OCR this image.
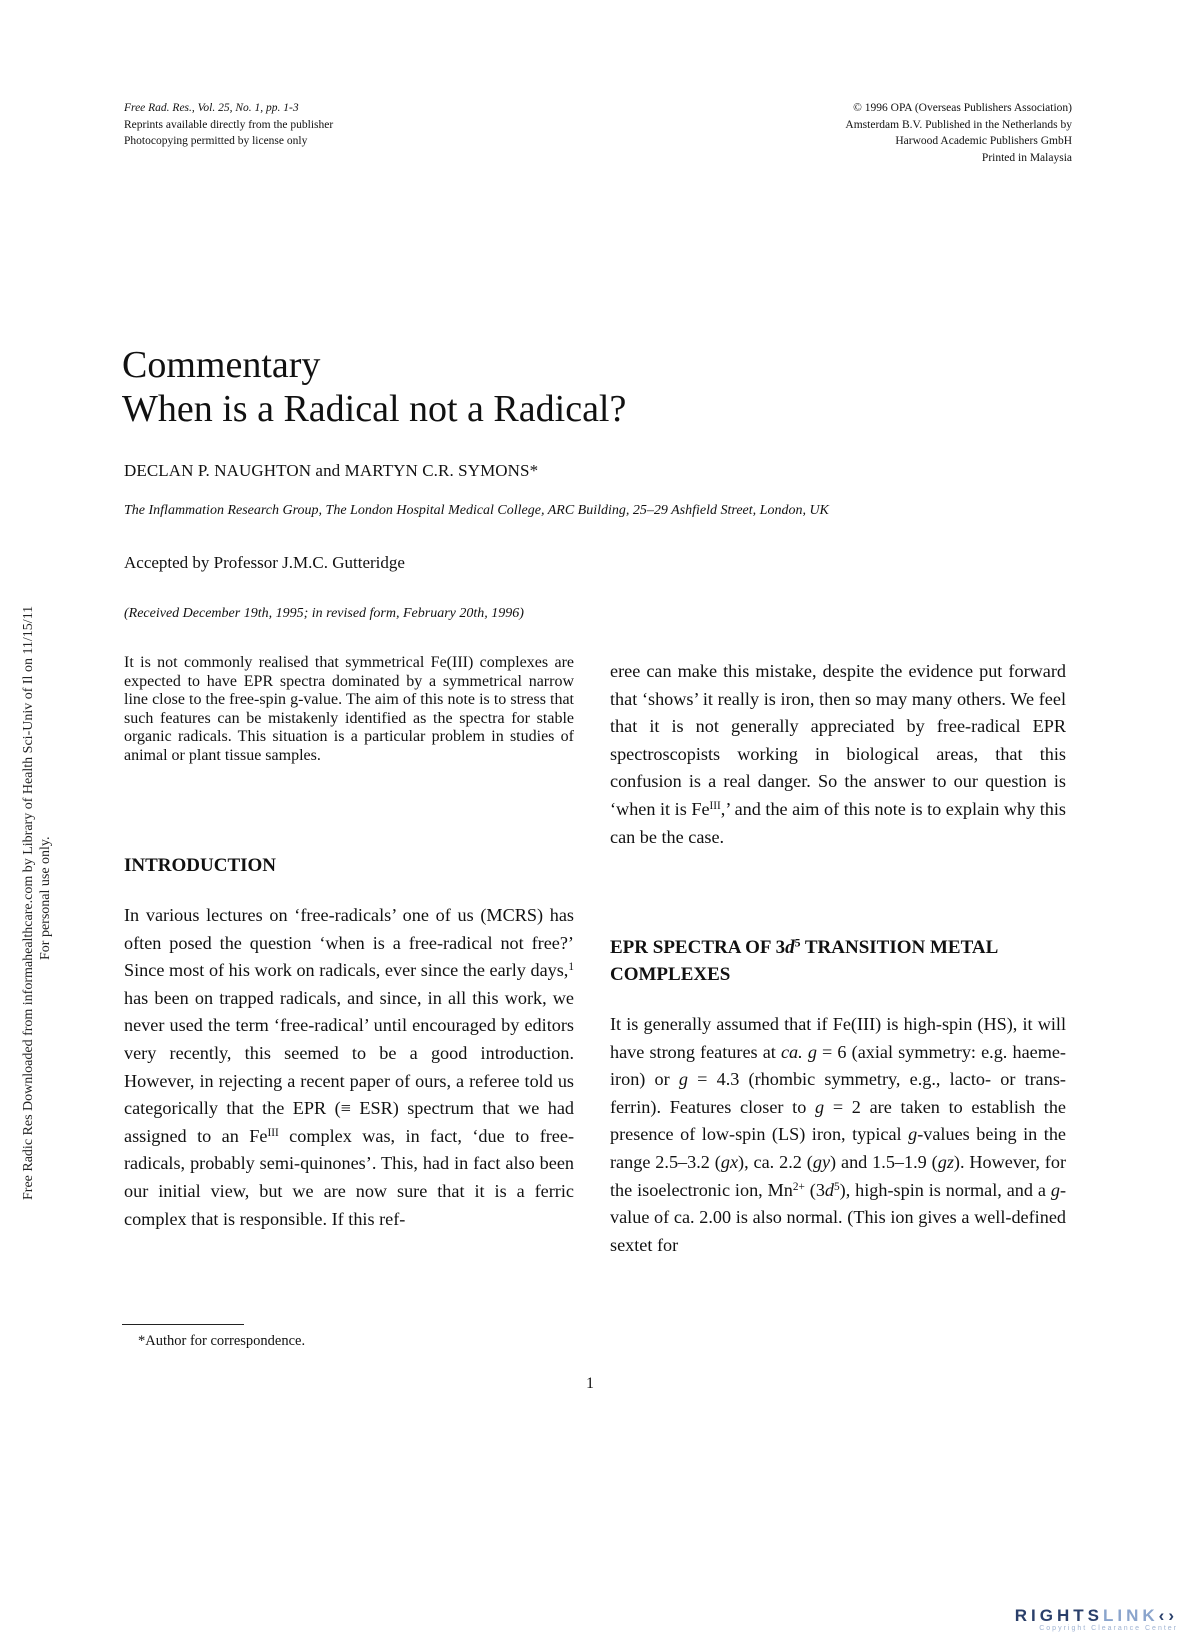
Free Rad. Res., Vol. 25, No. 1, pp. 1-3
Reprints available directly from the publisher
Photocopying permitted by license only
© 1996 OPA (Overseas Publishers Association)
Amsterdam B.V. Published in the Netherlands by
Harwood Academic Publishers GmbH
Printed in Malaysia
Commentary
When is a Radical not a Radical?
DECLAN P. NAUGHTON and MARTYN C.R. SYMONS*
The Inflammation Research Group, The London Hospital Medical College, ARC Building, 25–29 Ashfield Street, London, UK
Accepted by Professor J.M.C. Gutteridge
(Received December 19th, 1995; in revised form, February 20th, 1996)

It is not commonly realised that symmetrical Fe(III) complexes are expected to have EPR spectra dominated by a symmetrical narrow line close to the free-spin g-value. The aim of this note is to stress that such features can be mistakenly identified as the spectra for stable organic radicals. This situation is a particular problem in studies of animal or plant tissue samples.

INTRODUCTION

In various lectures on ‘free-radicals’ one of us (MCRS) has often posed the question ‘when is a free-radical not free?’ Since most of his work on radicals, ever since the early days,$^1$ has been on trapped radicals, and since, in all this work, we never used the term ‘free-radical’ until encouraged by editors very recently, this seemed to be a good introduction. However, in rejecting a recent paper of ours, a referee told us categorically that the EPR (≡ ESR) spectrum that we had assigned to an $Fe^{III}$ complex was, in fact, ‘due to free-radicals, probably semi-quinones’. This, had in fact also been our initial view, but we are now sure that it is a ferric complex that is responsible. If this ref-

eree can make this mistake, despite the evidence put forward that ‘shows’ it really is iron, then so may many others. We feel that it is not generally appreciated by free-radical EPR spectroscopists working in biological areas, that this confusion is a real danger. So the answer to our question is ‘when it is $Fe^{III}$,’ and the aim of this note is to explain why this can be the case.

EPR SPECTRA OF $3d^5$ TRANSITION METAL COMPLEXES

It is generally assumed that if Fe(III) is high-spin (HS), it will have strong features at ca. g = 6 (axial symmetry: e.g. haeme-iron) or g = 4.3 (rhombic symmetry, e.g., lacto- or trans-ferrin). Features closer to g = 2 are taken to establish the presence of low-spin (LS) iron, typical g-values being in the range 2.5–3.2 (gx), ca. 2.2 (gy) and 1.5–1.9 (gz). However, for the isoelectronic ion, $Mn^{2+}$ $(3d^5)$, high-spin is normal, and a g-value of ca. 2.00 is also normal. (This ion gives a well-defined sextet for

*Author for correspondence.
1
Free Radic Res Downloaded from informahealthcare.com by Library of Health Sci-Univ of Il on 11/15/11 For personal use only.
RIGHTSLINK‹›
Copyright Clearance Center
